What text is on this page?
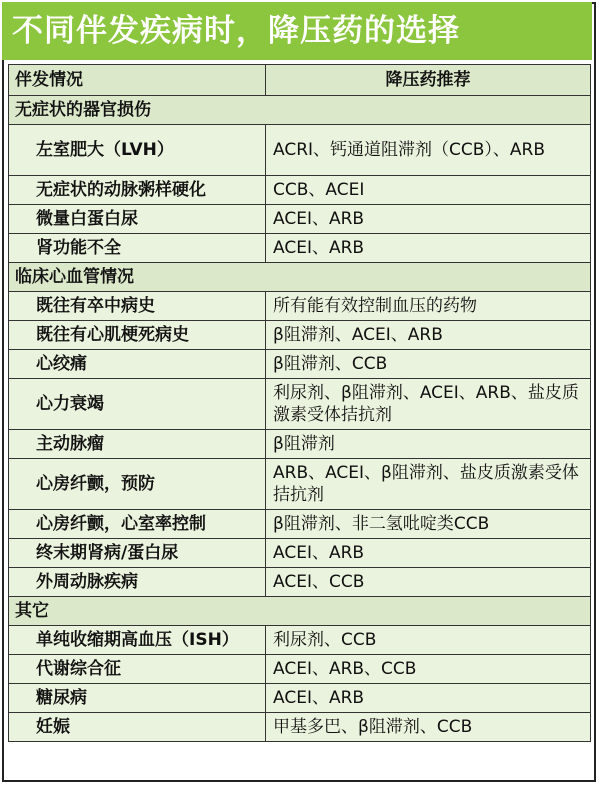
不同伴发疾病时，降压药的选择
伴发情况	降压药推荐
无症状的器官损伤	
左室肥大（LVH）	ACRI、钙通道阻滞剂（CCB）、ARB
无症状的动脉粥样硬化	CCB、ACEI
微量白蛋白尿	ACEI、ARB
肾功能不全	ACEI、ARB
临床心血管情况	
既往有卒中病史	所有能有效控制血压的药物
既往有心肌梗死病史	β阻滞剂、ACEI、ARB
心绞痛	β阻滞剂、CCB
心力衰竭	利尿剂、β阻滞剂、ACEI、ARB、盐皮质激素受体拮抗剂
主动脉瘤	β阻滞剂
心房纤颤，预防	ARB、ACEI、β阻滞剂、盐皮质激素受体拮抗剂
心房纤颤，心室率控制	β阻滞剂、非二氢吡啶类CCB
终末期肾病/蛋白尿	ACEI、ARB
外周动脉疾病	ACEI、CCB
其它	
单纯收缩期高血压（ISH）	利尿剂、CCB
代谢综合征	ACEI、ARB、CCB
糖尿病	ACEI、ARB
妊娠	甲基多巴、β阻滞剂、CCB
